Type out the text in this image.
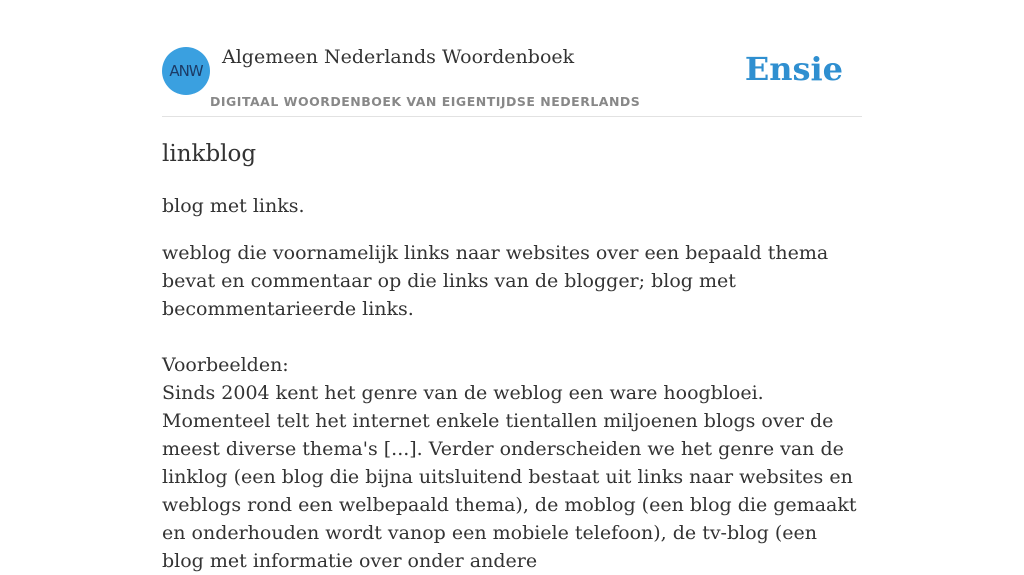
ANW
Algemeen Nederlands Woordenboek
DIGITAAL WOORDENBOEK VAN EIGENTIJDSE NEDERLANDS
Ensie
linkblog

blog met links.

weblog die voornamelijk links naar websites over een bepaald thema bevat en commentaar op die links van de blogger; blog met becommentarieerde links.

Voorbeelden:

Sinds 2004 kent het genre van de weblog een ware hoogbloei. Momenteel telt het internet enkele tientallen miljoenen blogs over de meest diverse thema's [...]. Verder onderscheiden we het genre van de linklog (een blog die bijna uitsluitend bestaat uit links naar websites en weblogs rond een welbepaald thema), de moblog (een blog die gemaakt en onderhouden wordt vanop een mobiele telefoon), de tv-blog (een blog met informatie over onder andere
